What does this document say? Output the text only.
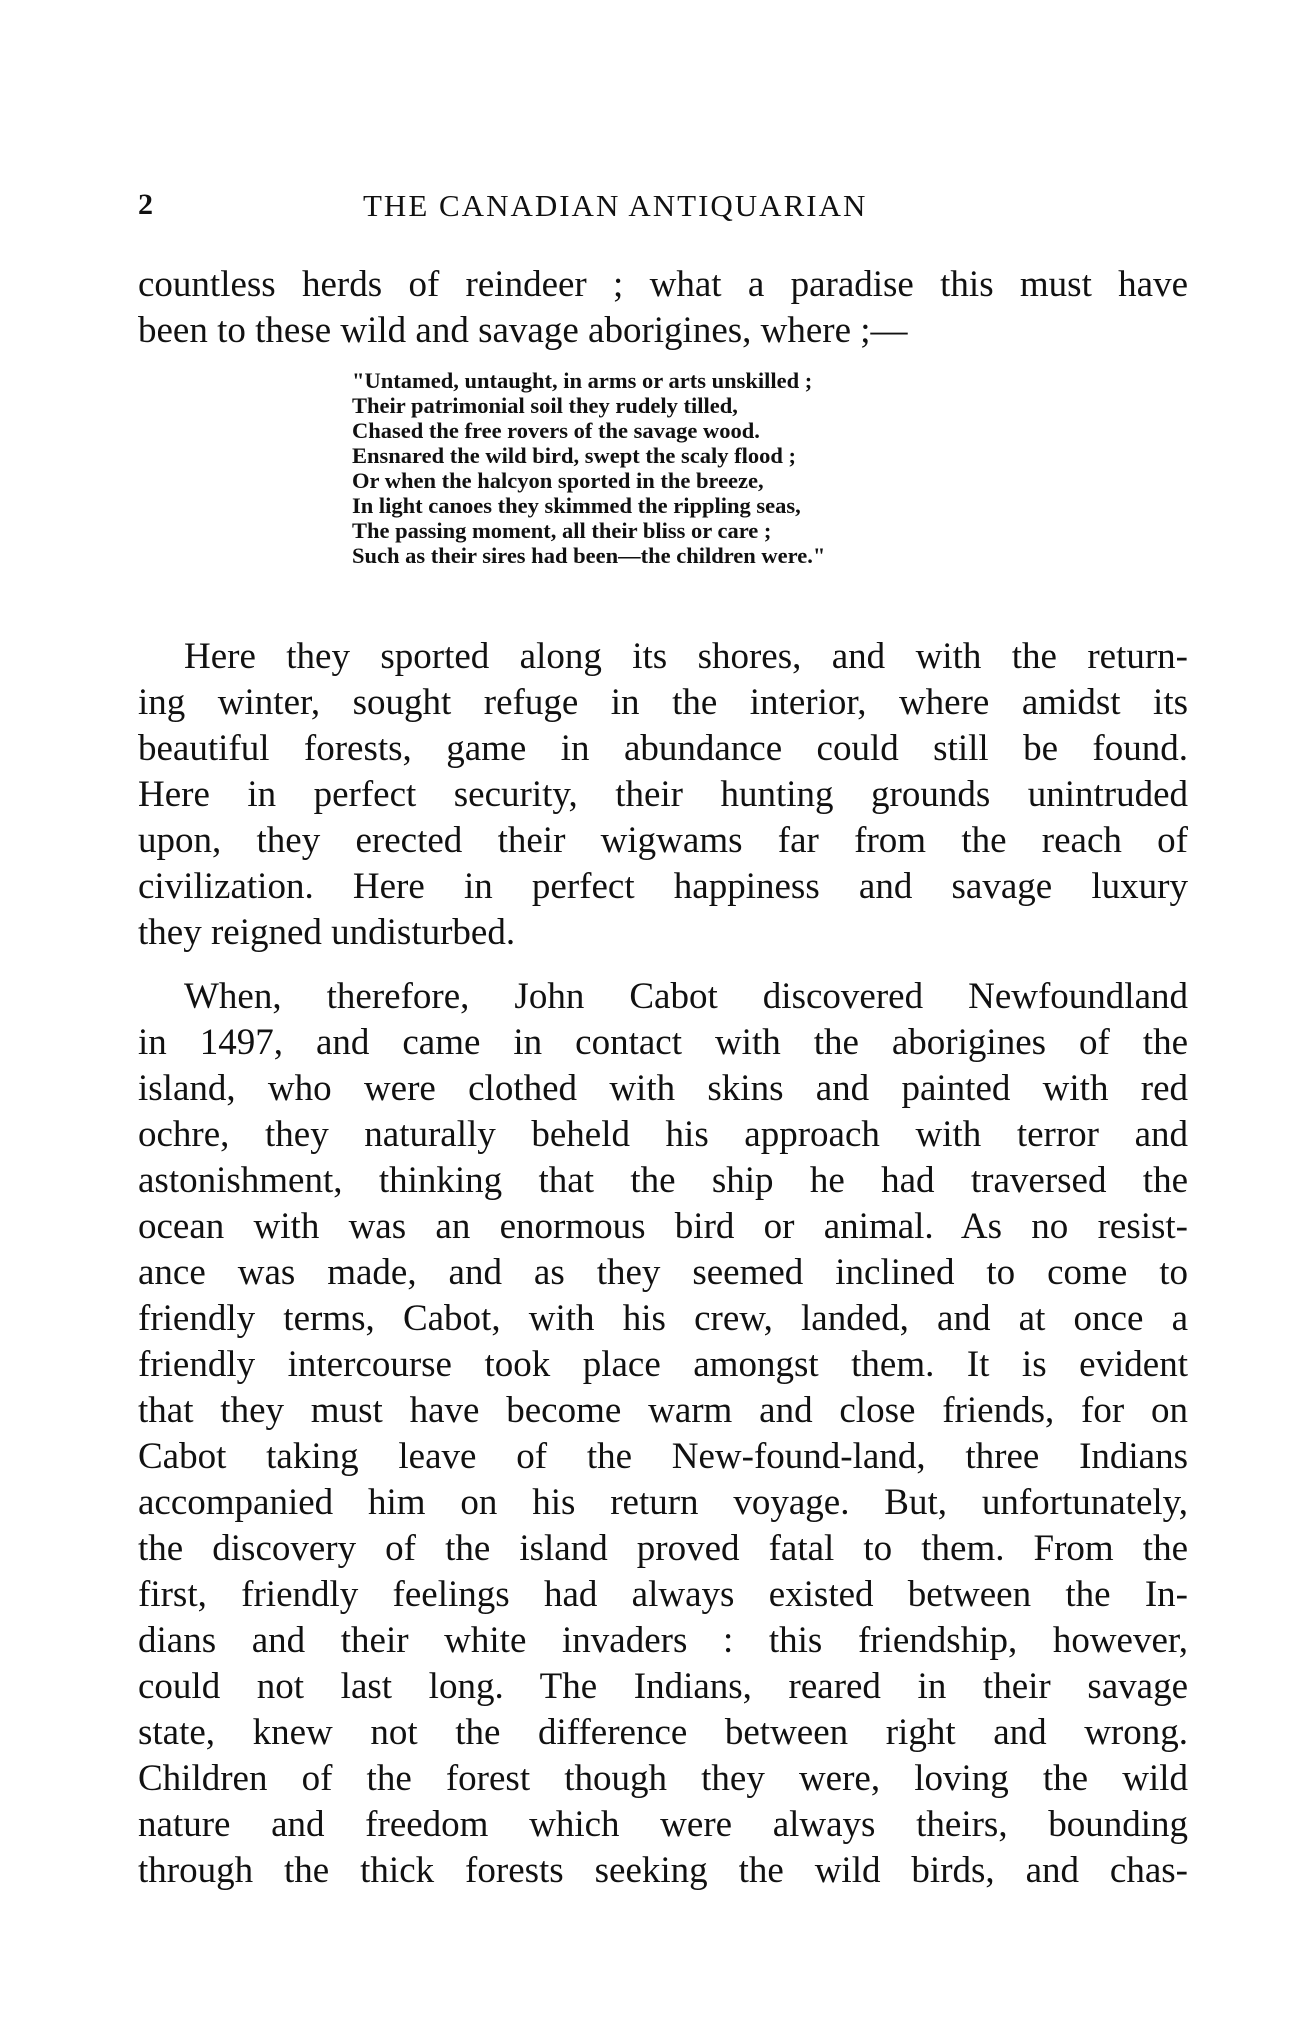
2	THE CANADIAN ANTIQUARIAN
countless herds of reindeer ; what a paradise this must have
been to these wild and savage aborigines, where ;—
"Untamed, untaught, in arms or arts unskilled ;
Their patrimonial soil they rudely tilled,
Chased the free rovers of the savage wood.
Ensnared the wild bird, swept the scaly flood ;
Or when the halcyon sported in the breeze,
In light canoes they skimmed the rippling seas,
The passing moment, all their bliss or care ;
Such as their sires had been—the children were."
Here they sported along its shores, and with the return-
ing winter, sought refuge in the interior, where amidst its
beautiful forests, game in abundance could still be found.
Here in perfect security, their hunting grounds unintruded
upon, they erected their wigwams far from the reach of
civilization. Here in perfect happiness and savage luxury
they reigned undisturbed.
When, therefore, John Cabot discovered Newfoundland
in 1497, and came in contact with the aborigines of the
island, who were clothed with skins and painted with red
ochre, they naturally beheld his approach with terror and
astonishment, thinking that the ship he had traversed the
ocean with was an enormous bird or animal. As no resist-
ance was made, and as they seemed inclined to come to
friendly terms, Cabot, with his crew, landed, and at once a
friendly intercourse took place amongst them. It is evident
that they must have become warm and close friends, for on
Cabot taking leave of the New-found-land, three Indians
accompanied him on his return voyage. But, unfortunately,
the discovery of the island proved fatal to them. From the
first, friendly feelings had always existed between the In-
dians and their white invaders : this friendship, however,
could not last long. The Indians, reared in their savage
state, knew not the difference between right and wrong.
Children of the forest though they were, loving the wild
nature and freedom which were always theirs, bounding
through the thick forests seeking the wild birds, and chas-
